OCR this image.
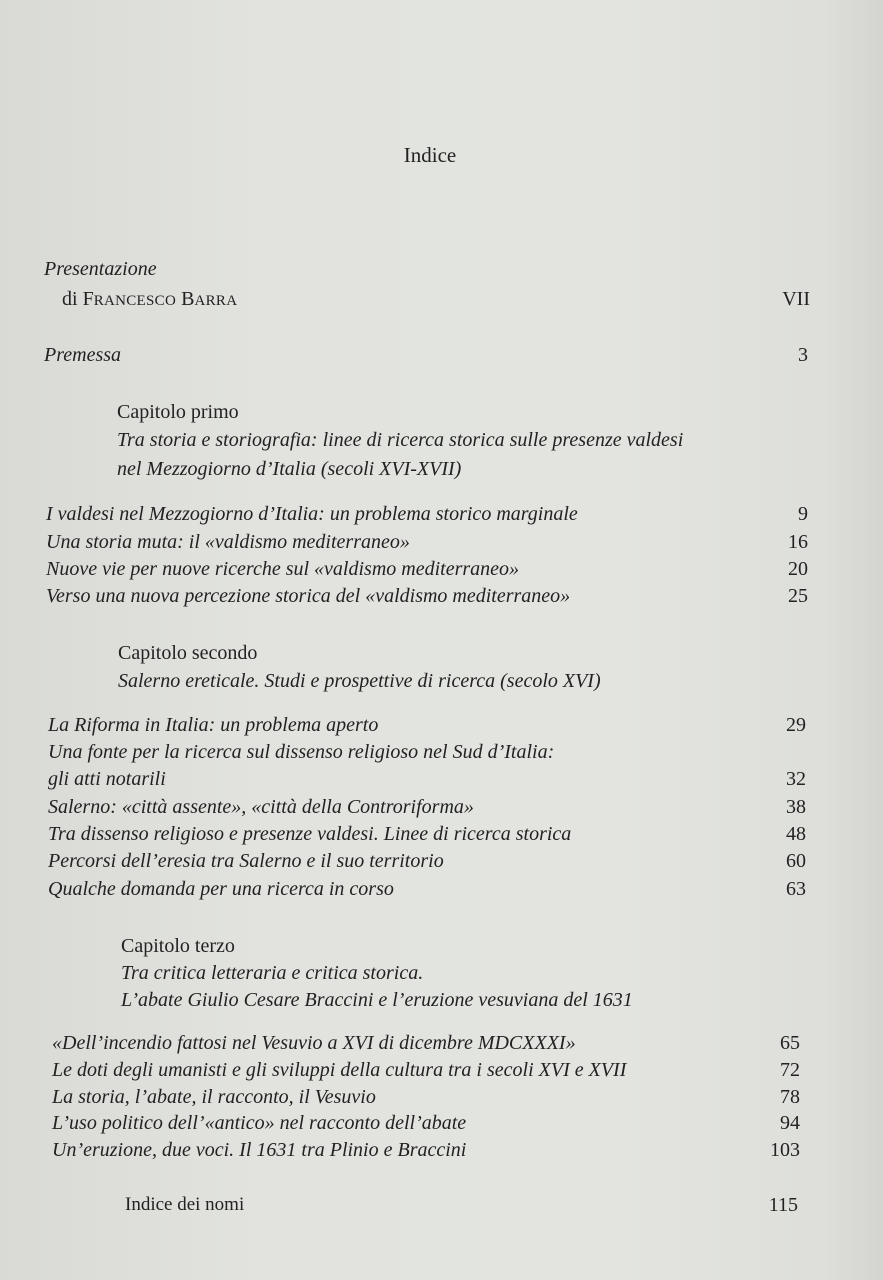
Indice
Presentazione
di FRANCESCO BARRA	VII
Premessa	3
Capitolo primo
Tra storia e storiografia: linee di ricerca storica sulle presenze valdesi
nel Mezzogiorno d’Italia (secoli XVI-XVII)
I valdesi nel Mezzogiorno d’Italia: un problema storico marginale	9
Una storia muta: il «valdismo mediterraneo»	16
Nuove vie per nuove ricerche sul «valdismo mediterraneo»	20
Verso una nuova percezione storica del «valdismo mediterraneo»	25
Capitolo secondo
Salerno ereticale. Studi e prospettive di ricerca (secolo XVI)
La Riforma in Italia: un problema aperto	29
Una fonte per la ricerca sul dissenso religioso nel Sud d’Italia:
gli atti notarili	32
Salerno: «città assente», «città della Controriforma»	38
Tra dissenso religioso e presenze valdesi. Linee di ricerca storica	48
Percorsi dell’eresia tra Salerno e il suo territorio	60
Qualche domanda per una ricerca in corso	63
Capitolo terzo
Tra critica letteraria e critica storica.
L’abate Giulio Cesare Braccini e l’eruzione vesuviana del 1631
«Dell’incendio fattosi nel Vesuvio a XVI di dicembre MDCXXXI»	65
Le doti degli umanisti e gli sviluppi della cultura tra i secoli XVI e XVII	72
La storia, l’abate, il racconto, il Vesuvio	78
L’uso politico dell’«antico» nel racconto dell’abate	94
Un’eruzione, due voci. Il 1631 tra Plinio e Braccini	103
Indice dei nomi	115
